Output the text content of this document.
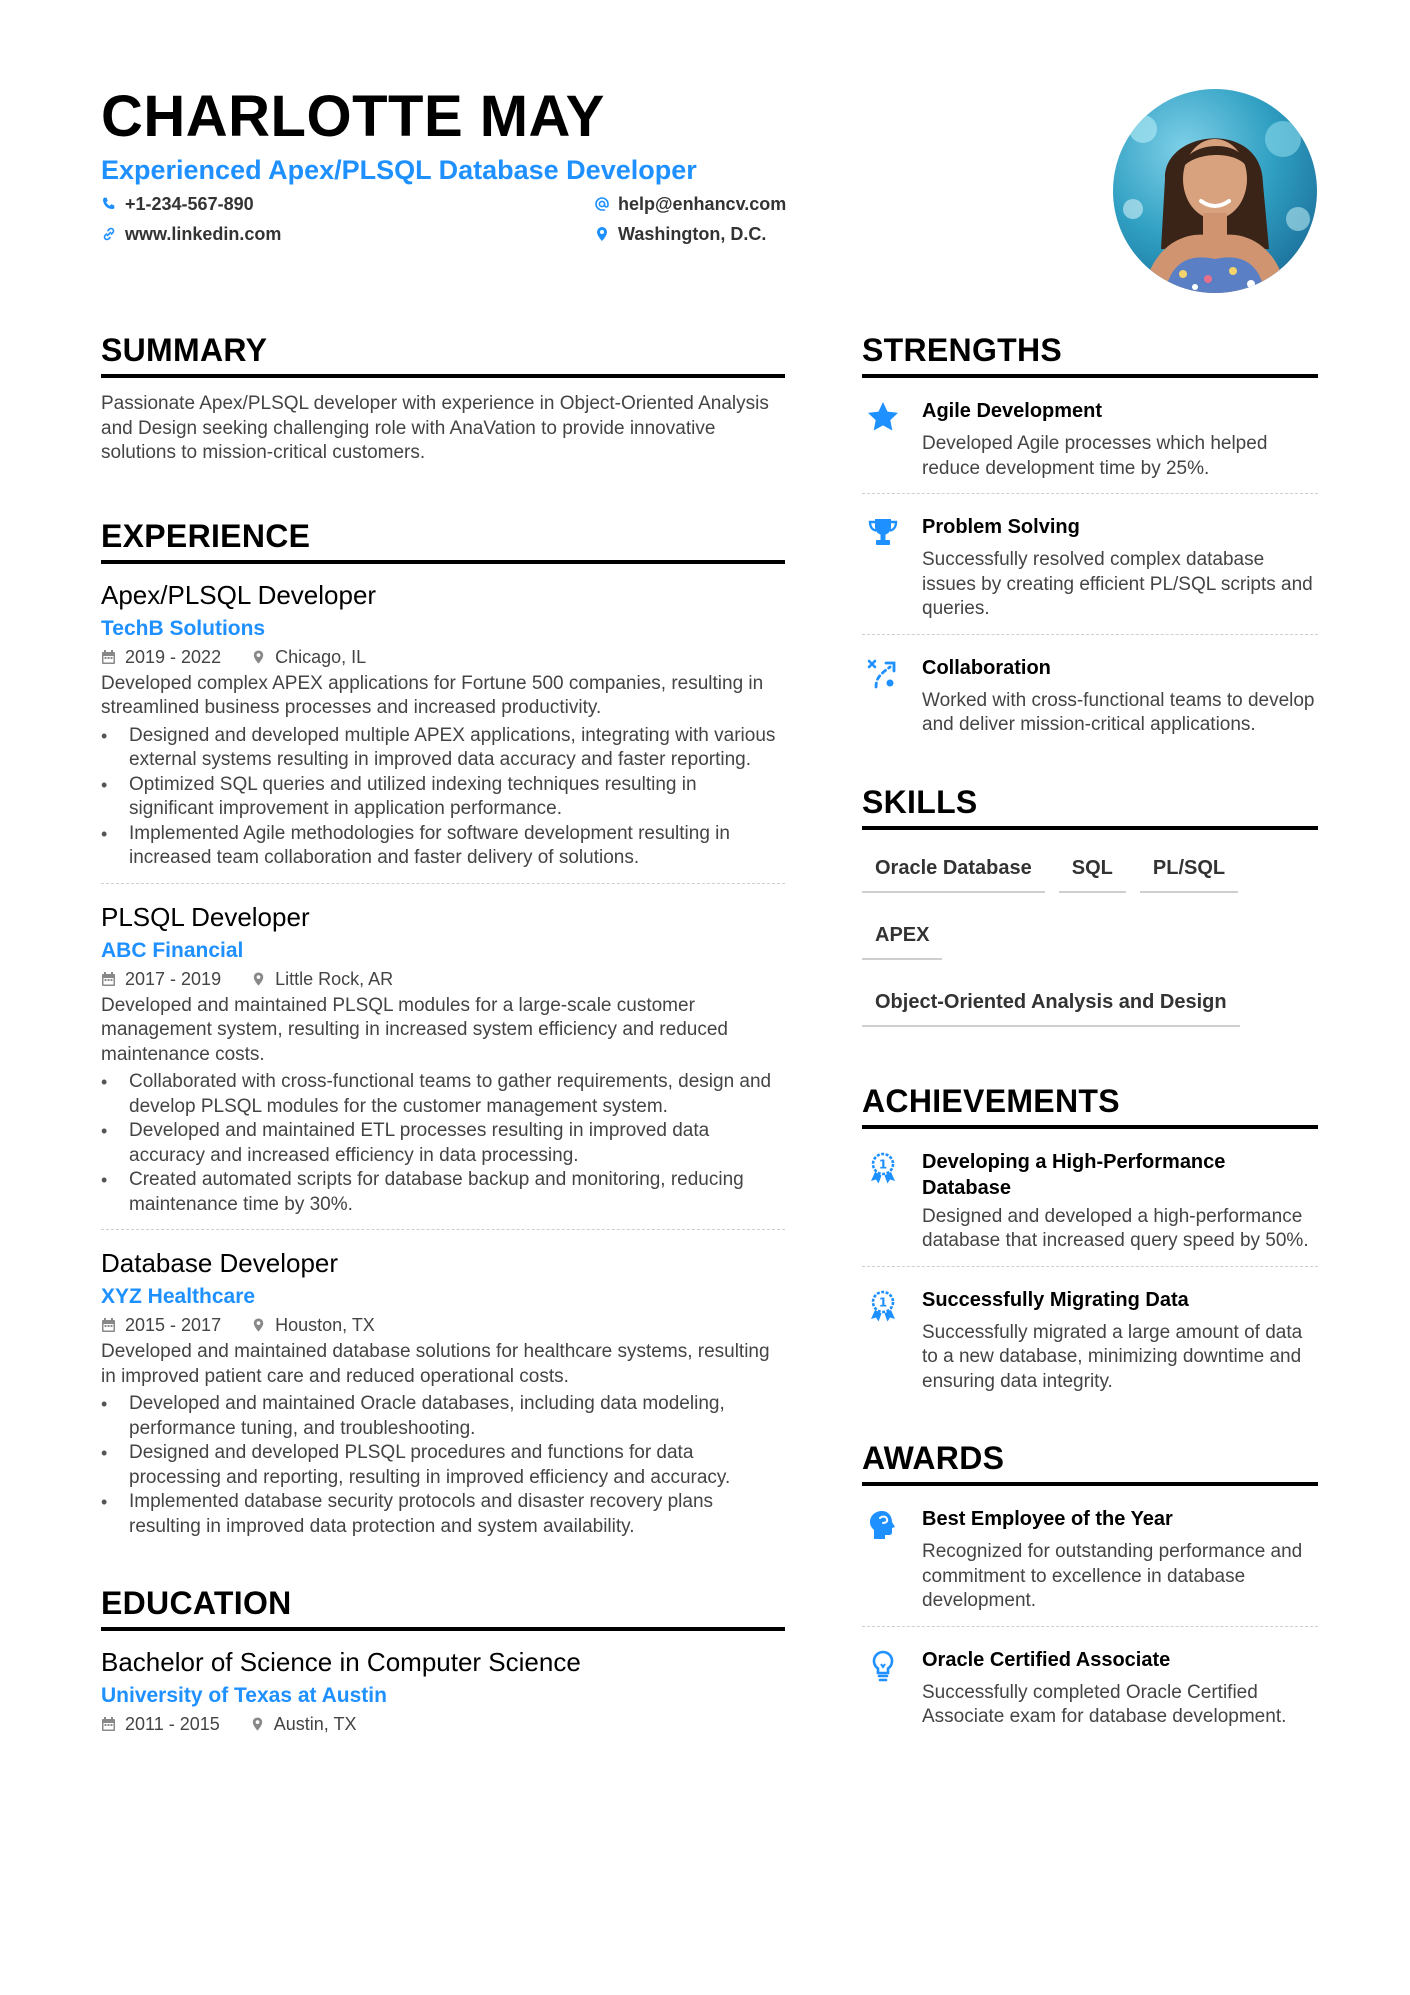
CHARLOTTE MAY
Experienced Apex/PLSQL Database Developer
+1-234-567-890
www.linkedin.com
help@enhancv.com
Washington, D.C.
SUMMARY
Passionate Apex/PLSQL developer with experience in Object-Oriented Analysis and Design seeking challenging role with AnaVation to provide innovative solutions to mission-critical customers.
EXPERIENCE
Apex/PLSQL Developer
TechB Solutions
2019 - 2022	Chicago, IL
Developed complex APEX applications for Fortune 500 companies, resulting in streamlined business processes and increased productivity.
• Designed and developed multiple APEX applications, integrating with various external systems resulting in improved data accuracy and faster reporting.
• Optimized SQL queries and utilized indexing techniques resulting in significant improvement in application performance.
• Implemented Agile methodologies for software development resulting in increased team collaboration and faster delivery of solutions.
PLSQL Developer
ABC Financial
2017 - 2019	Little Rock, AR
Developed and maintained PLSQL modules for a large-scale customer management system, resulting in increased system efficiency and reduced maintenance costs.
• Collaborated with cross-functional teams to gather requirements, design and develop PLSQL modules for the customer management system.
• Developed and maintained ETL processes resulting in improved data accuracy and increased efficiency in data processing.
• Created automated scripts for database backup and monitoring, reducing maintenance time by 30%.
Database Developer
XYZ Healthcare
2015 - 2017	Houston, TX
Developed and maintained database solutions for healthcare systems, resulting in improved patient care and reduced operational costs.
• Developed and maintained Oracle databases, including data modeling, performance tuning, and troubleshooting.
• Designed and developed PLSQL procedures and functions for data processing and reporting, resulting in improved efficiency and accuracy.
• Implemented database security protocols and disaster recovery plans resulting in improved data protection and system availability.
EDUCATION
Bachelor of Science in Computer Science
University of Texas at Austin
2011 - 2015	Austin, TX
STRENGTHS
Agile Development
Developed Agile processes which helped reduce development time by 25%.
Problem Solving
Successfully resolved complex database issues by creating efficient PL/SQL scripts and queries.
Collaboration
Worked with cross-functional teams to develop and deliver mission-critical applications.
SKILLS
Oracle Database	SQL	PL/SQL
APEX
Object-Oriented Analysis and Design
ACHIEVEMENTS
1 Developing a High-Performance Database
Designed and developed a high-performance database that increased query speed by 50%.
1 Successfully Migrating Data
Successfully migrated a large amount of data to a new database, minimizing downtime and ensuring data integrity.
AWARDS
Best Employee of the Year
Recognized for outstanding performance and commitment to excellence in database development.
Oracle Certified Associate
Successfully completed Oracle Certified Associate exam for database development.
